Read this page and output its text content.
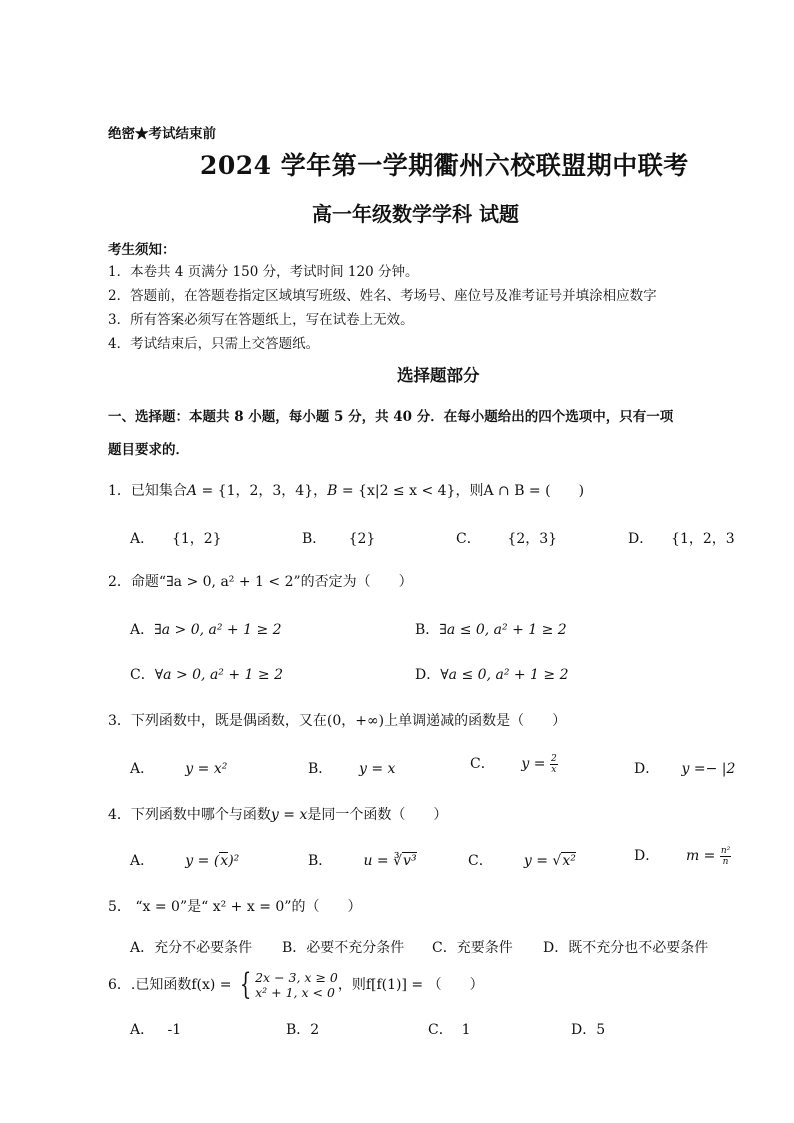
绝密★考试结束前
2024 学年第一学期衢州六校联盟期中联考
高一年级数学学科 试题
考生须知：
1．本卷共 4 页满分 150 分，考试时间 120 分钟。
2．答题前，在答题卷指定区域填写班级、姓名、考场号、座位号及准考证号并填涂相应数字
3．所有答案必须写在答题纸上，写在试卷上无效。
4．考试结束后，只需上交答题纸。
选择题部分
一、选择题：本题共 8 小题，每小题 5 分，共 40 分．在每小题给出的四个选项中，只有一项
题目要求的．
1．已知集合A = {1，2，3，4}，B = {x|2 ≤ x < 4}，则A ∩ B = (　　)
A． {1，2}	B． {2}	C． {2，3}	D． {1，2，3
2．命题“∃a > 0, a² + 1 < 2”的否定为（　　）
A．∃a > 0, a² + 1 ≥ 2	B．∃a ≤ 0, a² + 1 ≥ 2
C．∀a > 0, a² + 1 ≥ 2	D．∀a ≤ 0, a² + 1 ≥ 2
3．下列函数中，既是偶函数，又在(0，+∞)上单调递减的函数是（　　）
A． y = x²	B． y = x	C． $y = \frac{2}{x}$	D． y =− |2
4．下列函数中哪个与函数y = x是同一个函数（　　）
A． y = (x)²	B． u = ∛v³	C． y = √x²	D． $m = \frac{\text{n²}}{n}$
5． “x = 0”是“ x² + x = 0”的（　　）
A．充分不必要条件 B．必要不充分条件 C．充要条件 D．既不充分也不必要条件
6．.已知函数f(x) = { 2x − 3, x ≥ 0
x² + 1, x < 0 ，则f[f(1)] = （　　）
A． -1	B．2	C． 1	D．5
